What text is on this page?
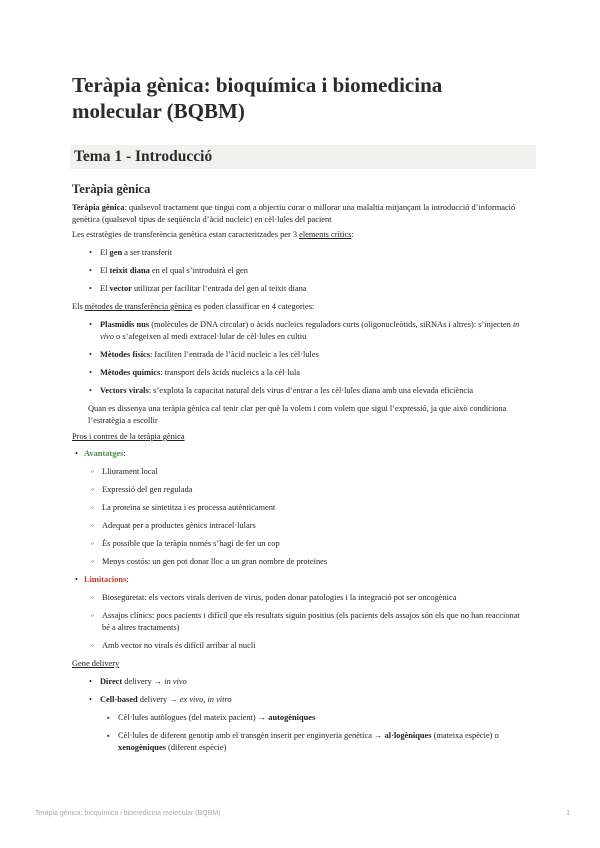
Teràpia gènica: bioquímica i biomedicina molecular (BQBM)
Tema 1 - Introducció
Teràpia gènica

Teràpia gènica: qualsevol tractament que tingui com a objectiu curar o millorar una malaltia mitjançant la introducció d’informació genètica (qualsevol tipus de seqüència d’àcid nucleic) en cèl·lules del pacient

Les estratègies de transferència genètica estan caracteritzades per 3 elements crítics:

• El gen a ser transferit
• El teixit diana en el qual s’introduirà el gen
• El vector utilitzat per facilitar l’entrada del gen al teixit diana

Els mètodes de transferència gènica es poden classificar en 4 categories:

• Plasmidis nus (molècules de DNA circular) o àcids nucleics reguladors curts (oligonucleòtids, siRNAs i altres): s’injecten in vivo o s’afegeixen al medi extracel·lular de cèl·lules en cultiu
• Mètodes físics: faciliten l’entrada de l’àcid nucleic a les cèl·lules
• Mètodes químics: transport dels àcids nucleics a la cèl·lula
• Vectors virals: s’explota la capacitat natural dels virus d’entrar a les cèl·lules diana amb una elevada eficiència

Quan es dissenya una teràpia gènica cal tenir clar per què la volem i com volem que sigui l’expressió, ja que això condiciona l’estratègia a escollir

Pros i contres de la teràpia gènica

• Avantatges:
◦ Lliurament local
◦ Expressió del gen regulada
◦ La proteïna se sintetitza i es processa autènticament
◦ Adequat per a productes gènics intracel·lulars
◦ És possible que la teràpia només s’hagi de fer un cop
◦ Menys costós: un gen pot donar lloc a un gran nombre de proteïnes
• Limitacions:
◦ Bioseguretat: els vectors virals deriven de virus, poden donar patologies i la integració pot ser oncogènica
◦ Assajos clínics: pocs pacients i difícil que els resultats siguin positius (els pacients dels assajos són els que no han reaccionat bé a altres tractaments)
◦ Amb vector no virals és difícil arribar al nucli

Gene delivery

• Direct delivery → in vivo
• Cell-based delivery → ex vivo, in vitro
▪ Cèl·lules autòlogues (del mateix pacient) → autogèniques
▪ Cèl·lules de diferent genotip amb el transgèn inserit per enginyeria genètica → al·logèniques (mateixa espècie) o xenogèniques (diferent espècie)
Teràpia gènica: bioquímica i biomedicina molecular (BQBM)	1
